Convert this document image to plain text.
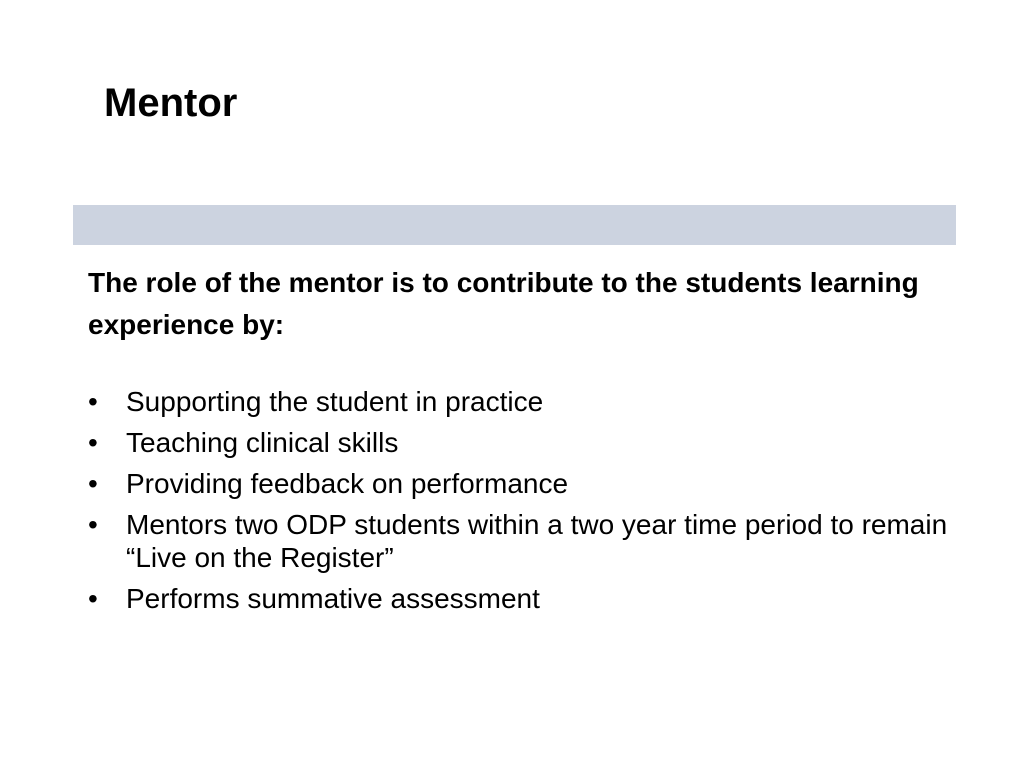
Mentor

The role of the mentor is to contribute to the students learning experience by:

•	Supporting the student in practice
•	Teaching clinical skills
•	Providing feedback on performance
•	Mentors two ODP students within a two year time period to remain “Live on the Register”
•	Performs summative assessment
